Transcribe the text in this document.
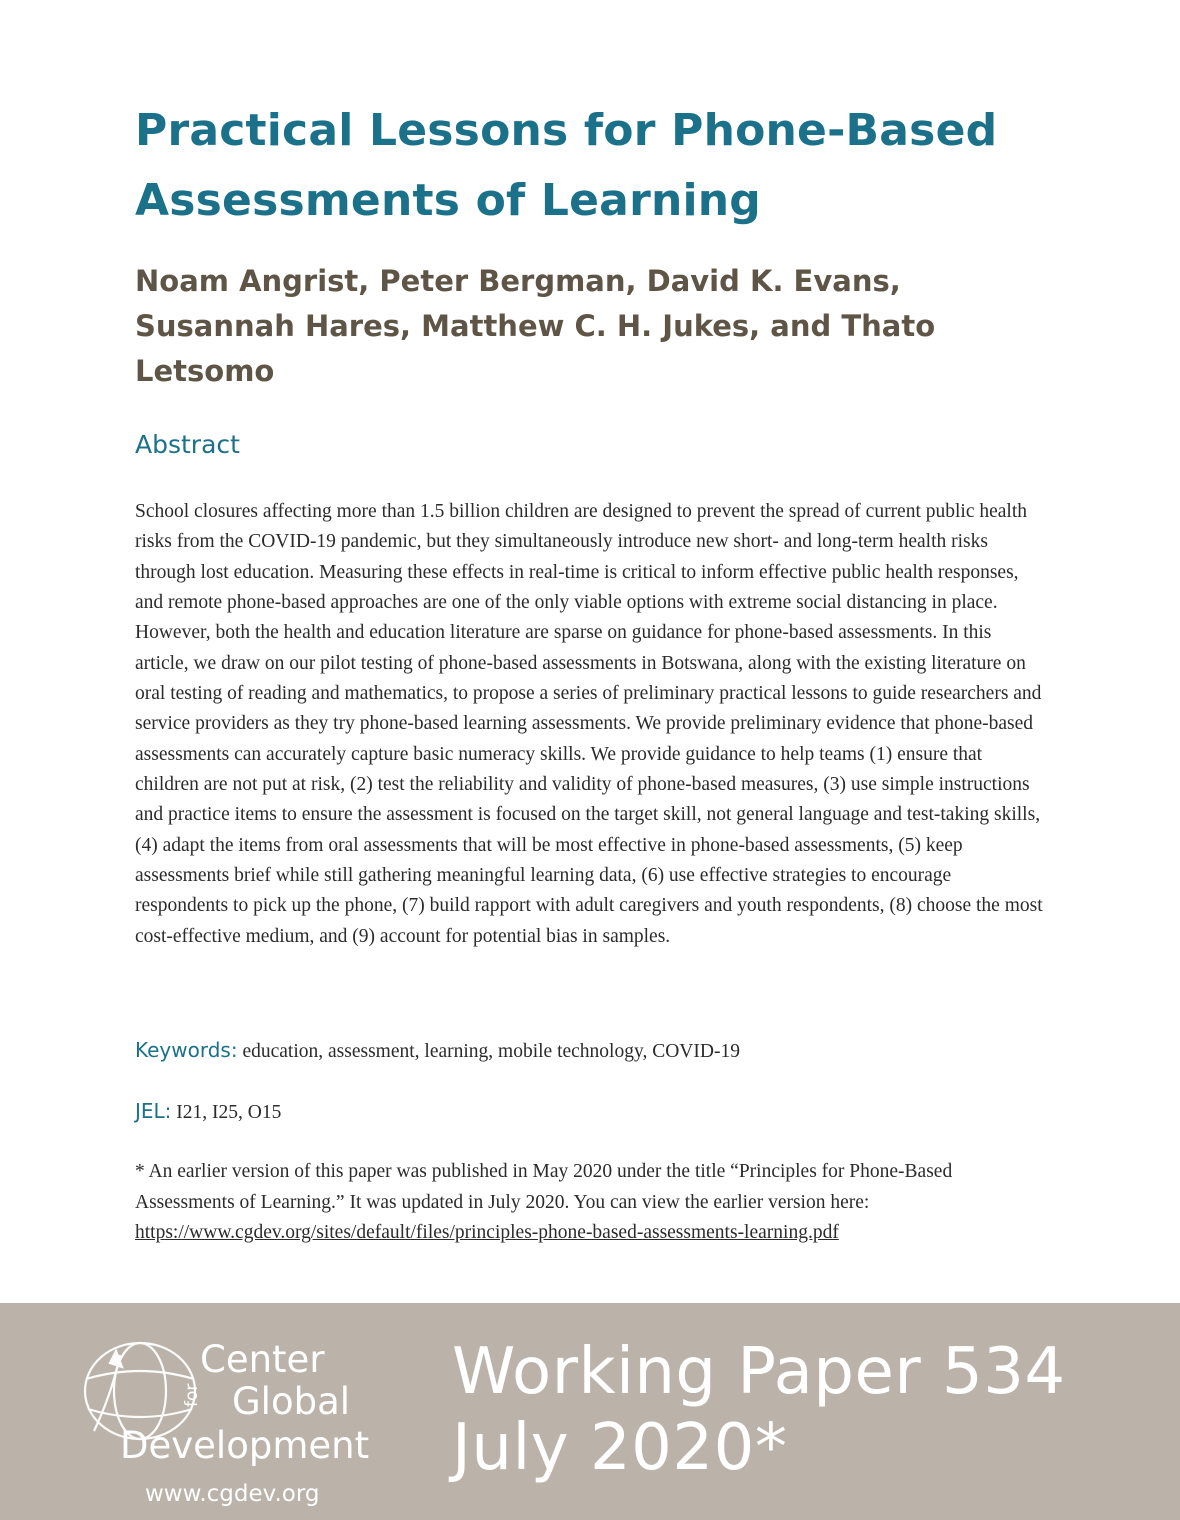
Practical Lessons for Phone-Based Assessments of Learning

Noam Angrist, Peter Bergman, David K. Evans, Susannah Hares, Matthew C. H. Jukes, and Thato Letsomo

Abstract

School closures affecting more than 1.5 billion children are designed to prevent the spread of current public health risks from the COVID-19 pandemic, but they simultaneously introduce new short- and long-term health risks through lost education. Measuring these effects in real-time is critical to inform effective public health responses, and remote phone-based approaches are one of the only viable options with extreme social distancing in place. However, both the health and education literature are sparse on guidance for phone-based assessments. In this article, we draw on our pilot testing of phone-based assessments in Botswana, along with the existing literature on oral testing of reading and mathematics, to propose a series of preliminary practical lessons to guide researchers and service providers as they try phone-based learning assessments. We provide preliminary evidence that phone-based assessments can accurately capture basic numeracy skills. We provide guidance to help teams (1) ensure that children are not put at risk, (2) test the reliability and validity of phone-based measures, (3) use simple instructions and practice items to ensure the assessment is focused on the target skill, not general language and test-taking skills, (4) adapt the items from oral assessments that will be most effective in phone-based assessments, (5) keep assessments brief while still gathering meaningful learning data, (6) use effective strategies to encourage respondents to pick up the phone, (7) build rapport with adult caregivers and youth respondents, (8) choose the most cost-effective medium, and (9) account for potential bias in samples.

Keywords: education, assessment, learning, mobile technology, COVID-19

JEL: I21, I25, O15

* An earlier version of this paper was published in May 2020 under the title “Principles for Phone-Based Assessments of Learning.” It was updated in July 2020. You can view the earlier version here: https://www.cgdev.org/sites/default/files/principles-phone-based-assessments-learning.pdf

Center
for Global
Development
www.cgdev.org
Working Paper 534
July 2020*
